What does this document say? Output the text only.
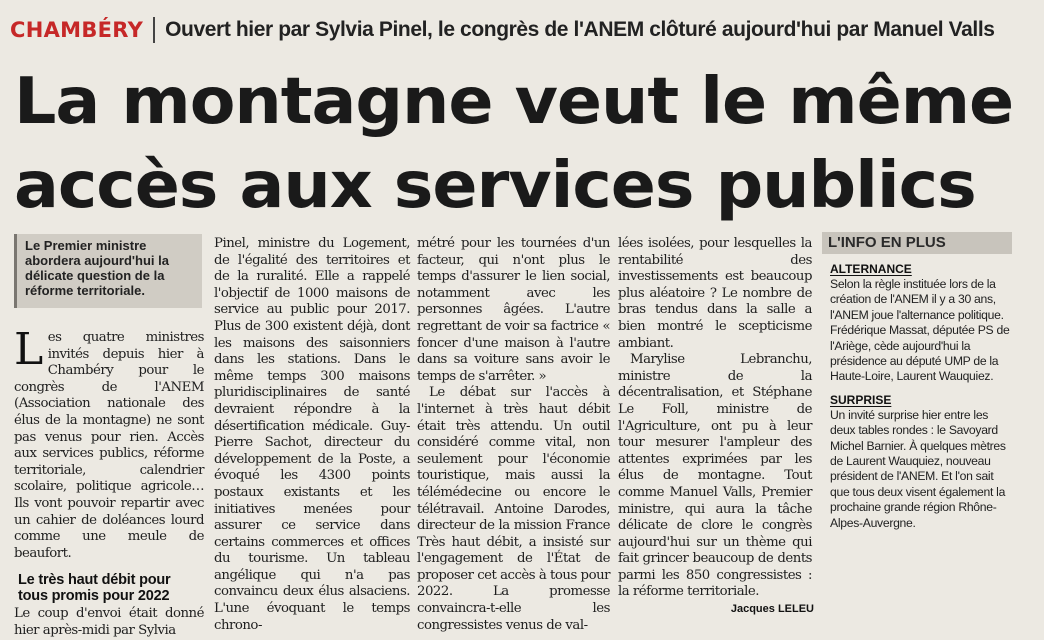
CHAMBÉRY Ouvert hier par Sylvia Pinel, le congrès de l'ANEM clôturé aujourd'hui par Manuel Valls
La montagne veut le même
accès aux services publics
Le Premier ministre abordera aujourd'hui la délicate question de la réforme territoriale.

Les quatre ministres invités depuis hier à Chambéry pour le congrès de l'ANEM (Association nationale des élus de la montagne) ne sont pas venus pour rien. Accès aux services publics, réforme territoriale, calendrier scolaire, politique agricole… Ils vont pouvoir repartir avec un cahier de doléances lourd comme une meule de beaufort.

Le très haut débit pour tous promis pour 2022

Le coup d'envoi était donné hier après-midi par Sylvia

Pinel, ministre du Logement, de l'égalité des territoires et de la ruralité. Elle a rappelé l'objectif de 1000 maisons de service au public pour 2017. Plus de 300 existent déjà, dont les maisons des saisonniers dans les stations. Dans le même temps 300 maisons pluridisciplinaires de santé devraient répondre à la désertification médicale. Guy-Pierre Sachot, directeur du développement de la Poste, a évoqué les 4300 points postaux existants et les initiatives menées pour assurer ce service dans certains commerces et offices du tourisme. Un tableau angélique qui n'a pas convaincu deux élus alsaciens. L'une évoquant le temps chrono-

métré pour les tournées d'un facteur, qui n'ont plus le temps d'assurer le lien social, notamment avec les personnes âgées. L'autre regrettant de voir sa factrice « foncer d'une maison à l'autre dans sa voiture sans avoir le temps de s'arrêter. »

Le débat sur l'accès à l'internet à très haut débit était très attendu. Un outil considéré comme vital, non seulement pour l'économie touristique, mais aussi la télémédecine ou encore le télétravail. Antoine Darodes, directeur de la mission France Très haut débit, a insisté sur l'engagement de l'État de proposer cet accès à tous pour 2022. La promesse convaincra-t-elle les congressistes venus de val-

lées isolées, pour lesquelles la rentabilité des investissements est beaucoup plus aléatoire ? Le nombre de bras tendus dans la salle a bien montré le scepticisme ambiant.

Marylise Lebranchu, ministre de la décentralisation, et Stéphane Le Foll, ministre de l'Agriculture, ont pu à leur tour mesurer l'ampleur des attentes exprimées par les élus de montagne. Tout comme Manuel Valls, Premier ministre, qui aura la tâche délicate de clore le congrès aujourd'hui sur un thème qui fait grincer beaucoup de dents parmi les 850 congressistes : la réforme territoriale.

Jacques LELEU
L'INFO EN PLUS
ALTERNANCE
Selon la règle instituée lors de la création de l'ANEM il y a 30 ans, l'ANEM joue l'alternance politique. Frédérique Massat, députée PS de l'Ariège, cède aujourd'hui la présidence au député UMP de la Haute-Loire, Laurent Wauquiez.
SURPRISE
Un invité surprise hier entre les deux tables rondes : le Savoyard Michel Barnier. À quelques mètres de Laurent Wauquiez, nouveau président de l'ANEM. Et l'on sait que tous deux visent également la prochaine grande région Rhône-Alpes-Auvergne.
